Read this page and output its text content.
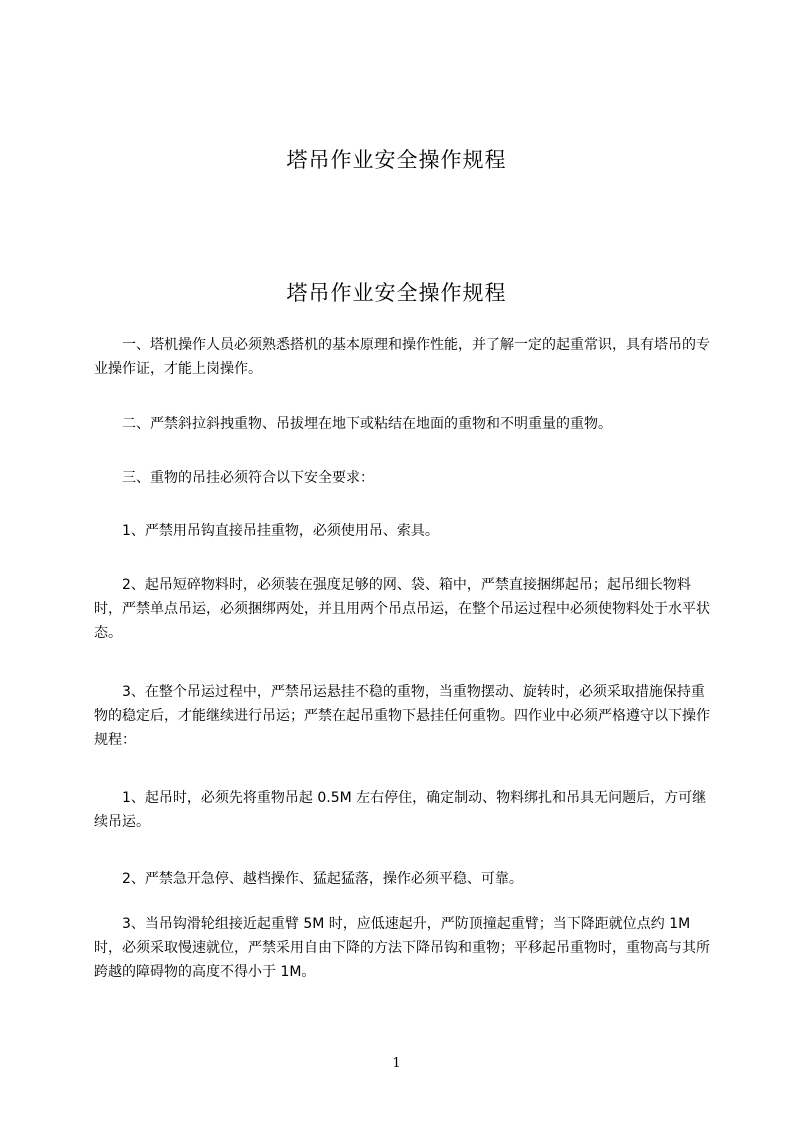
塔吊作业安全操作规程
塔吊作业安全操作规程

　　一、塔机操作人员必须熟悉搭机的基本原理和操作性能，并了解一定的起重常识，具有塔吊的专业操作证，才能上岗操作。

　　二、严禁斜拉斜拽重物、吊拔埋在地下或粘结在地面的重物和不明重量的重物。

　　三、重物的吊挂必须符合以下安全要求：

　　1、严禁用吊钩直接吊挂重物，必须使用吊、索具。

　　2、起吊短碎物料时，必须装在强度足够的网、袋、箱中，严禁直接捆绑起吊；起吊细长物料时，严禁单点吊运，必须捆绑两处，并且用两个吊点吊运，在整个吊运过程中必须使物料处于水平状态。

　　3、在整个吊运过程中，严禁吊运悬挂不稳的重物，当重物摆动、旋转时，必须采取措施保持重物的稳定后，才能继续进行吊运；严禁在起吊重物下悬挂任何重物。四作业中必须严格遵守以下操作规程：

　　1、起吊时，必须先将重物吊起 0.5M 左右停住，确定制动、物料绑扎和吊具无问题后，方可继续吊运。

　　2、严禁急开急停、越档操作、猛起猛落，操作必须平稳、可靠。

　　3、当吊钩滑轮组接近起重臂 5M 时，应低速起升，严防顶撞起重臂；当下降距就位点约 1M 时，必须采取慢速就位，严禁采用自由下降的方法下降吊钩和重物；平移起吊重物时，重物高与其所跨越的障碍物的高度不得小于 1M。

1
